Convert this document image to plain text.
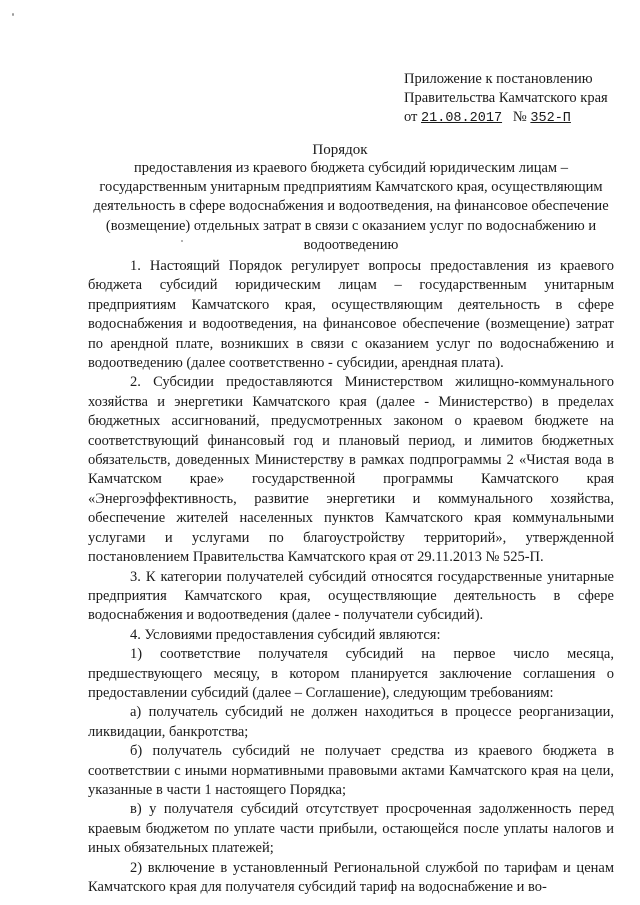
Приложение к постановлению
Правительства Камчатского края
от 21.08.2017 № 352-П
Порядок
предоставления из краевого бюджета субсидий юридическим лицам – государственным унитарным предприятиям Камчатского края, осуществляющим деятельность в сфере водоснабжения и водоотведения, на финансовое обеспечение (возмещение) отдельных затрат в связи с оказанием услуг по водоснабжению и водоотведению

1. Настоящий Порядок регулирует вопросы предоставления из краевого бюджета субсидий юридическим лицам – государственным унитарным предприятиям Камчатского края, осуществляющим деятельность в сфере водоснабжения и водоотведения, на финансовое обеспечение (возмещение) затрат по арендной плате, возникших в связи с оказанием услуг по водоснабжению и водоотведению (далее соответственно - субсидии, арендная плата).

2. Субсидии предоставляются Министерством жилищно-коммунального хозяйства и энергетики Камчатского края (далее - Министерство) в пределах бюджетных ассигнований, предусмотренных законом о краевом бюджете на соответствующий финансовый год и плановый период, и лимитов бюджетных обязательств, доведенных Министерству в рамках подпрограммы 2 «Чистая вода в Камчатском крае» государственной программы Камчатского края «Энергоэффективность, развитие энергетики и коммунального хозяйства, обеспечение жителей населенных пунктов Камчатского края коммунальными услугами и услугами по благоустройству территорий», утвержденной постановлением Правительства Камчатского края от 29.11.2013 № 525-П.

3. К категории получателей субсидий относятся государственные унитарные предприятия Камчатского края, осуществляющие деятельность в сфере водоснабжения и водоотведения (далее - получатели субсидий).

4. Условиями предоставления субсидий являются:

1) соответствие получателя субсидий на первое число месяца, предшествующего месяцу, в котором планируется заключение соглашения о предоставлении субсидий (далее – Соглашение), следующим требованиям:

а) получатель субсидий не должен находиться в процессе реорганизации, ликвидации, банкротства;

б) получатель субсидий не получает средства из краевого бюджета в соответствии с иными нормативными правовыми актами Камчатского края на цели, указанные в части 1 настоящего Порядка;

в) у получателя субсидий отсутствует просроченная задолженность перед краевым бюджетом по уплате части прибыли, остающейся после уплаты налогов и иных обязательных платежей;

2) включение в установленный Региональной службой по тарифам и ценам Камчатского края для получателя субсидий тариф на водоснабжение и во-
